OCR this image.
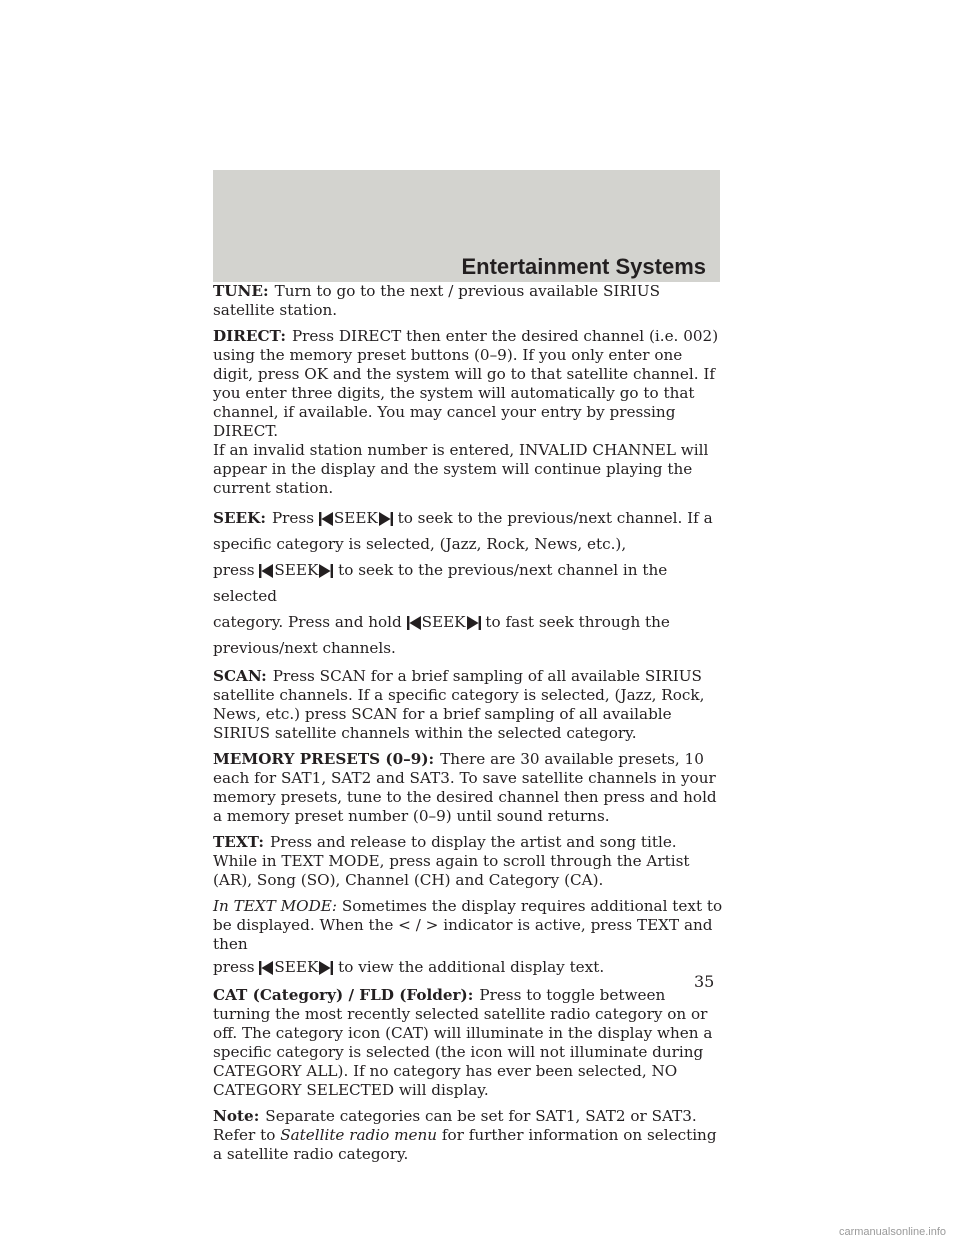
Entertainment Systems

TUNE: Turn to go to the next / previous available SIRIUS satellite station.

DIRECT: Press DIRECT then enter the desired channel (i.e. 002) using the memory preset buttons (0–9). If you only enter one digit, press OK and the system will go to that satellite channel. If you enter three digits, the system will automatically go to that channel, if available. You may cancel your entry by pressing DIRECT.

If an invalid station number is entered, INVALID CHANNEL will appear in the display and the system will continue playing the current station.

SEEK: Press SEEK to seek to the previous/next channel. If a
specific category is selected, (Jazz, Rock, News, etc.),
press SEEK to seek to the previous/next channel in the selected
category. Press and hold SEEK to fast seek through the
previous/next channels.

SCAN: Press SCAN for a brief sampling of all available SIRIUS satellite channels. If a specific category is selected, (Jazz, Rock, News, etc.) press SCAN for a brief sampling of all available SIRIUS satellite channels within the selected category.

MEMORY PRESETS (0–9): There are 30 available presets, 10 each for SAT1, SAT2 and SAT3. To save satellite channels in your memory presets, tune to the desired channel then press and hold a memory preset number (0–9) until sound returns.

TEXT: Press and release to display the artist and song title. While in TEXT MODE, press again to scroll through the Artist (AR), Song (SO), Channel (CH) and Category (CA).

In TEXT MODE: Sometimes the display requires additional text to be displayed. When the < / > indicator is active, press TEXT and then
press SEEK to view the additional display text.

CAT (Category) / FLD (Folder): Press to toggle between turning the most recently selected satellite radio category on or off. The category icon (CAT) will illuminate in the display when a specific category is selected (the icon will not illuminate during CATEGORY ALL). If no category has ever been selected, NO CATEGORY SELECTED will display.

Note: Separate categories can be set for SAT1, SAT2 or SAT3.

Refer to Satellite radio menu for further information on selecting a satellite radio category.

35
carmanualsonline.info
